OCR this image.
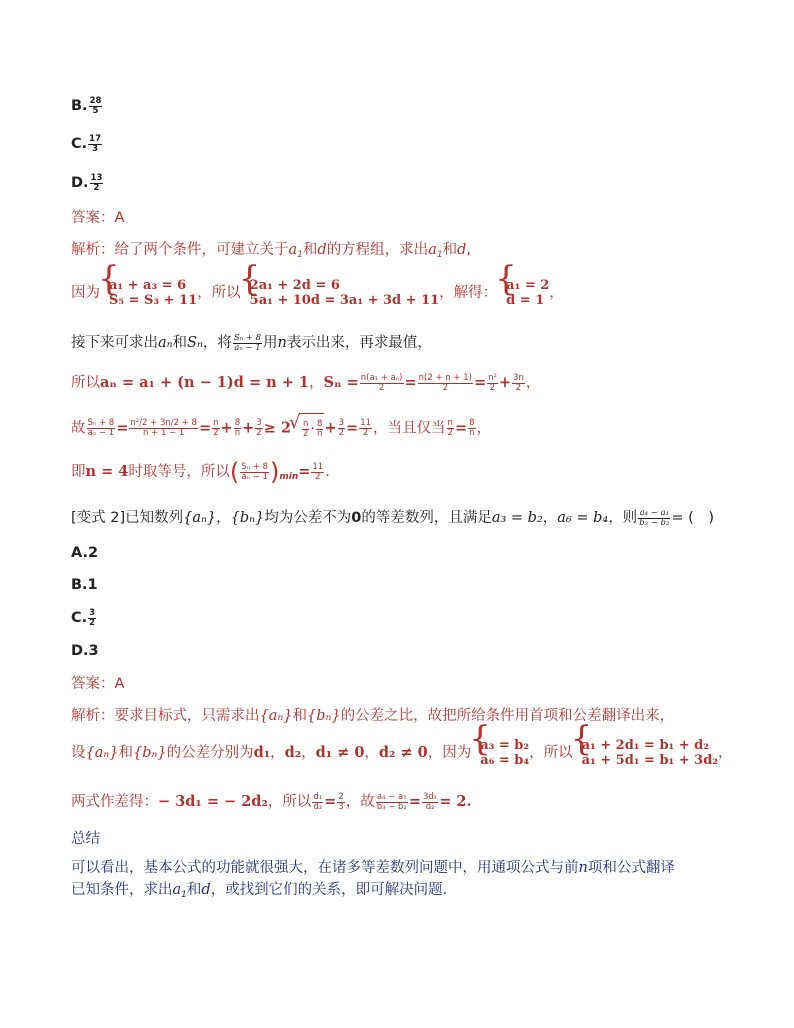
B. $\frac{28}{5}$
C. $\frac{17}{3}$
D. $\frac{13}{2}$
答案：A
解析：给了两个条件，可建立关于$a_1$和d的方程组，求出$a_1$和d,
因为 { a₁ + a₃ = 6
S₅ = S₃ + 11 ，所以 { 2a₁ + 2d = 6
5a₁ + 10d = 3a₁ + 3d + 11 ，解得： { a₁ = 2
d = 1 ，
接下来可求出aₙ和Sₙ，将 $\frac{\text{Sₙ + 8}}{\text{aₙ − 1}}$ 用n表示出来，再求最值，
所以aₙ = a₁ + (n − 1)d = n + 1，$S_n = \frac{\text{n(a₁ + aₙ)}}{2} = \frac{n(2 + n + 1)}{2} = \frac{\text{n²}}{2} + \frac{3n}{2}$ ，
故 $\frac{\text{Sₙ + 8}}{\text{aₙ − 1}} = \frac{\text{n²/2 + 3n/2 + 8}}{n + 1 - 1} = \frac{n}{2} + \frac{8}{n} + \frac{3}{2} \ge 2$ √ $\frac{n}{2} \cdot \frac{8}{n} + \frac{3}{2} = \frac{11}{2}$ ，当且仅当 $\frac{n}{2} = \frac{8}{n}$ ，
即n = 4时取等号，所以( $\frac{\text{Sₙ + 8}}{\text{aₙ − 1}} )_{min}= \frac{11}{2}$ .
[变式 2]已知数列{aₙ}，{bₙ}均为公差不为0的等差数列，且满足a₃ = b₂，a₆ = b₄，则 $\frac{\text{a₄ − a₁}}{\text{b₃ − b₂}}$ = (　)
A.2
B.1
C. $\frac{3}{2}$
D.3
答案：A
解析：要求目标式，只需求出{aₙ}和{bₙ}的公差之比，故把所给条件用首项和公差翻译出来，
设{aₙ}和{bₙ}的公差分别为d₁，d₂，d₁ ≠ 0，d₂ ≠ 0，因为 { a₃ = b₂
a₆ = b₄ ，所以 { a₁ + 2d₁ = b₁ + d₂
a₁ + 5d₁ = b₁ + 3d₂ ，
两式作差得：− 3d₁ = − 2d₂，所以 $\frac{\text{d₁}}{\text{d₂}} = \frac{2}{3}$ ，故 $\frac{\text{a₄ − a₁}}{\text{b₃ − b₂}} = \frac{\text{3d₁}}{\text{d₂}} = 2$.
总结
可以看出，基本公式的功能就很强大，在诸多等差数列问题中，用通项公式与前n项和公式翻译
已知条件，求出$a_1$和d，或找到它们的关系，即可解决问题.
